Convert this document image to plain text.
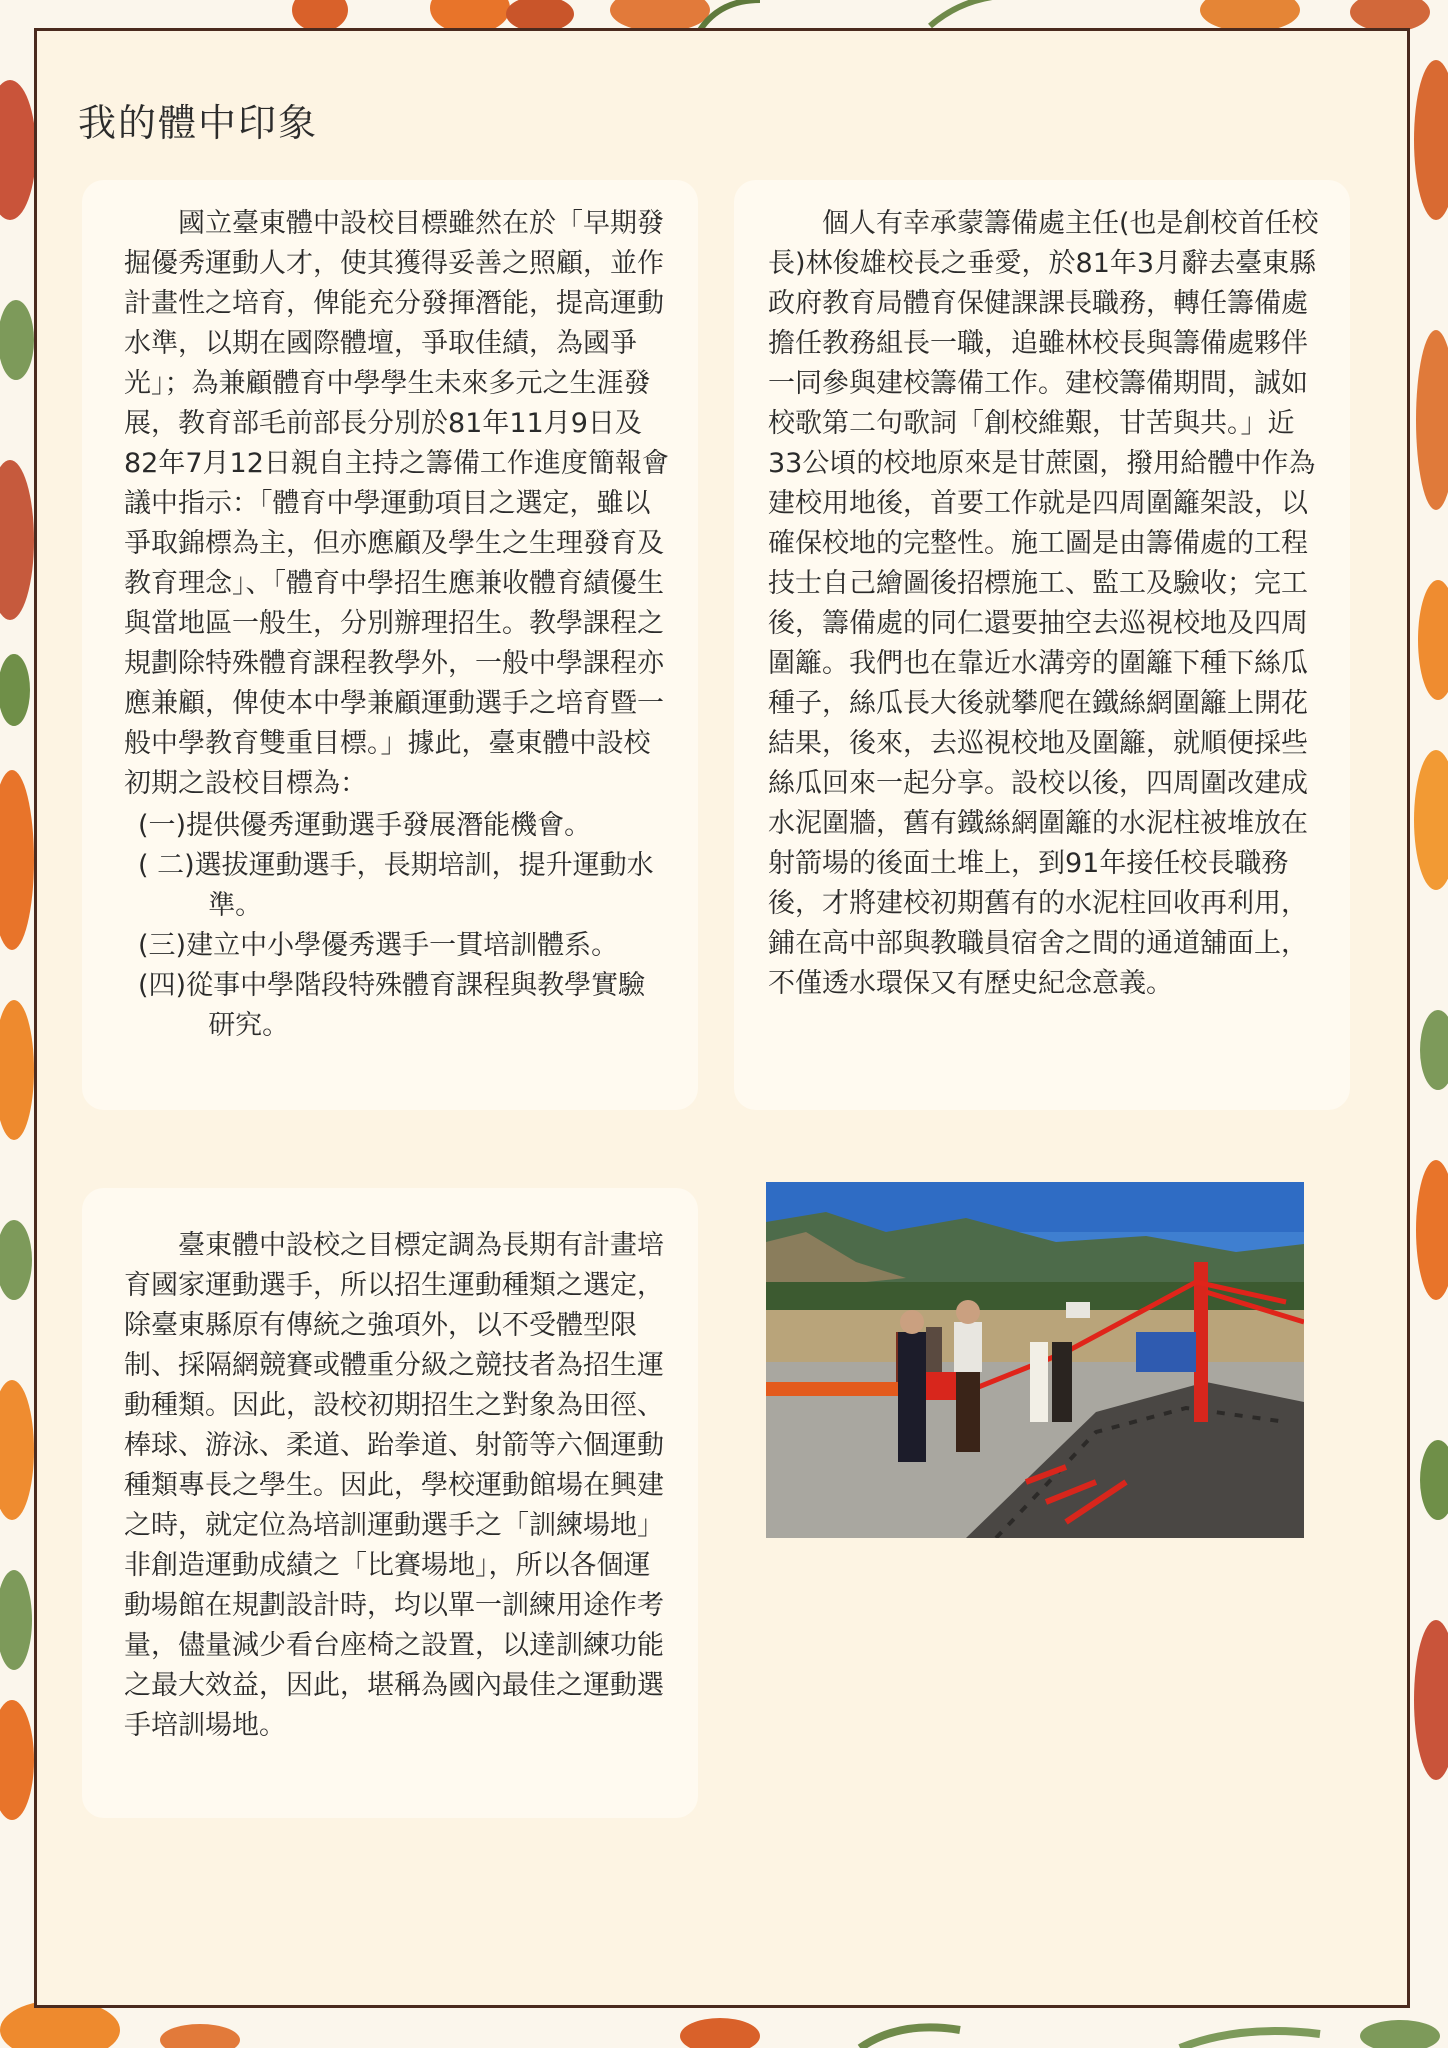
我的體中印象

國立臺東體中設校目標雖然在於「早期發掘優秀運動人才，使其獲得妥善之照顧，並作計畫性之培育，俾能充分發揮潛能，提高運動水準，以期在國際體壇，爭取佳績，為國爭光」；為兼顧體育中學學生未來多元之生涯發展，教育部毛前部長分別於81年11月9日及82年7月12日親自主持之籌備工作進度簡報會議中指示：「體育中學運動項目之選定，雖以爭取錦標為主，但亦應顧及學生之生理發育及教育理念」、「體育中學招生應兼收體育績優生與當地區一般生，分別辦理招生。教學課程之規劃除特殊體育課程教學外，一般中學課程亦應兼顧，俾使本中學兼顧運動選手之培育暨一般中學教育雙重目標。」據此，臺東體中設校初期之設校目標為：

(一)提供優秀運動選手發展潛能機會。
( 二)選拔運動選手，長期培訓，提升運動水準。
(三)建立中小學優秀選手一貫培訓體系。
(四)從事中學階段特殊體育課程與教學實驗研究。

個人有幸承蒙籌備處主任(也是創校首任校長)林俊雄校長之垂愛，於81年3月辭去臺東縣政府教育局體育保健課課長職務，轉任籌備處擔任教務組長一職，追雖林校長與籌備處夥伴一同參與建校籌備工作。建校籌備期間，誠如校歌第二句歌詞「創校維艱，甘苦與共。」近33公頃的校地原來是甘蔗園，撥用給體中作為建校用地後，首要工作就是四周圍籬架設，以確保校地的完整性。施工圖是由籌備處的工程技士自己繪圖後招標施工、監工及驗收；完工後，籌備處的同仁還要抽空去巡視校地及四周圍籬。我們也在靠近水溝旁的圍籬下種下絲瓜種子，絲瓜長大後就攀爬在鐵絲網圍籬上開花結果，後來，去巡視校地及圍籬，就順便採些絲瓜回來一起分享。設校以後，四周圍改建成水泥圍牆，舊有鐵絲網圍籬的水泥柱被堆放在射箭場的後面土堆上，到91年接任校長職務後，才將建校初期舊有的水泥柱回收再利用，鋪在高中部與教職員宿舍之間的通道舖面上，不僅透水環保又有歷史紀念意義。

臺東體中設校之目標定調為長期有計畫培育國家運動選手，所以招生運動種類之選定，除臺東縣原有傳統之強項外，以不受體型限制、採隔網競賽或體重分級之競技者為招生運動種類。因此，設校初期招生之對象為田徑、棒球、游泳、柔道、跆拳道、射箭等六個運動種類專長之學生。因此，學校運動館場在興建之時，就定位為培訓運動選手之「訓練場地」非創造運動成績之「比賽場地」，所以各個運動場館在規劃設計時，均以單一訓練用途作考量，儘量減少看台座椅之設置，以達訓練功能之最大效益，因此，堪稱為國內最佳之運動選手培訓場地。
